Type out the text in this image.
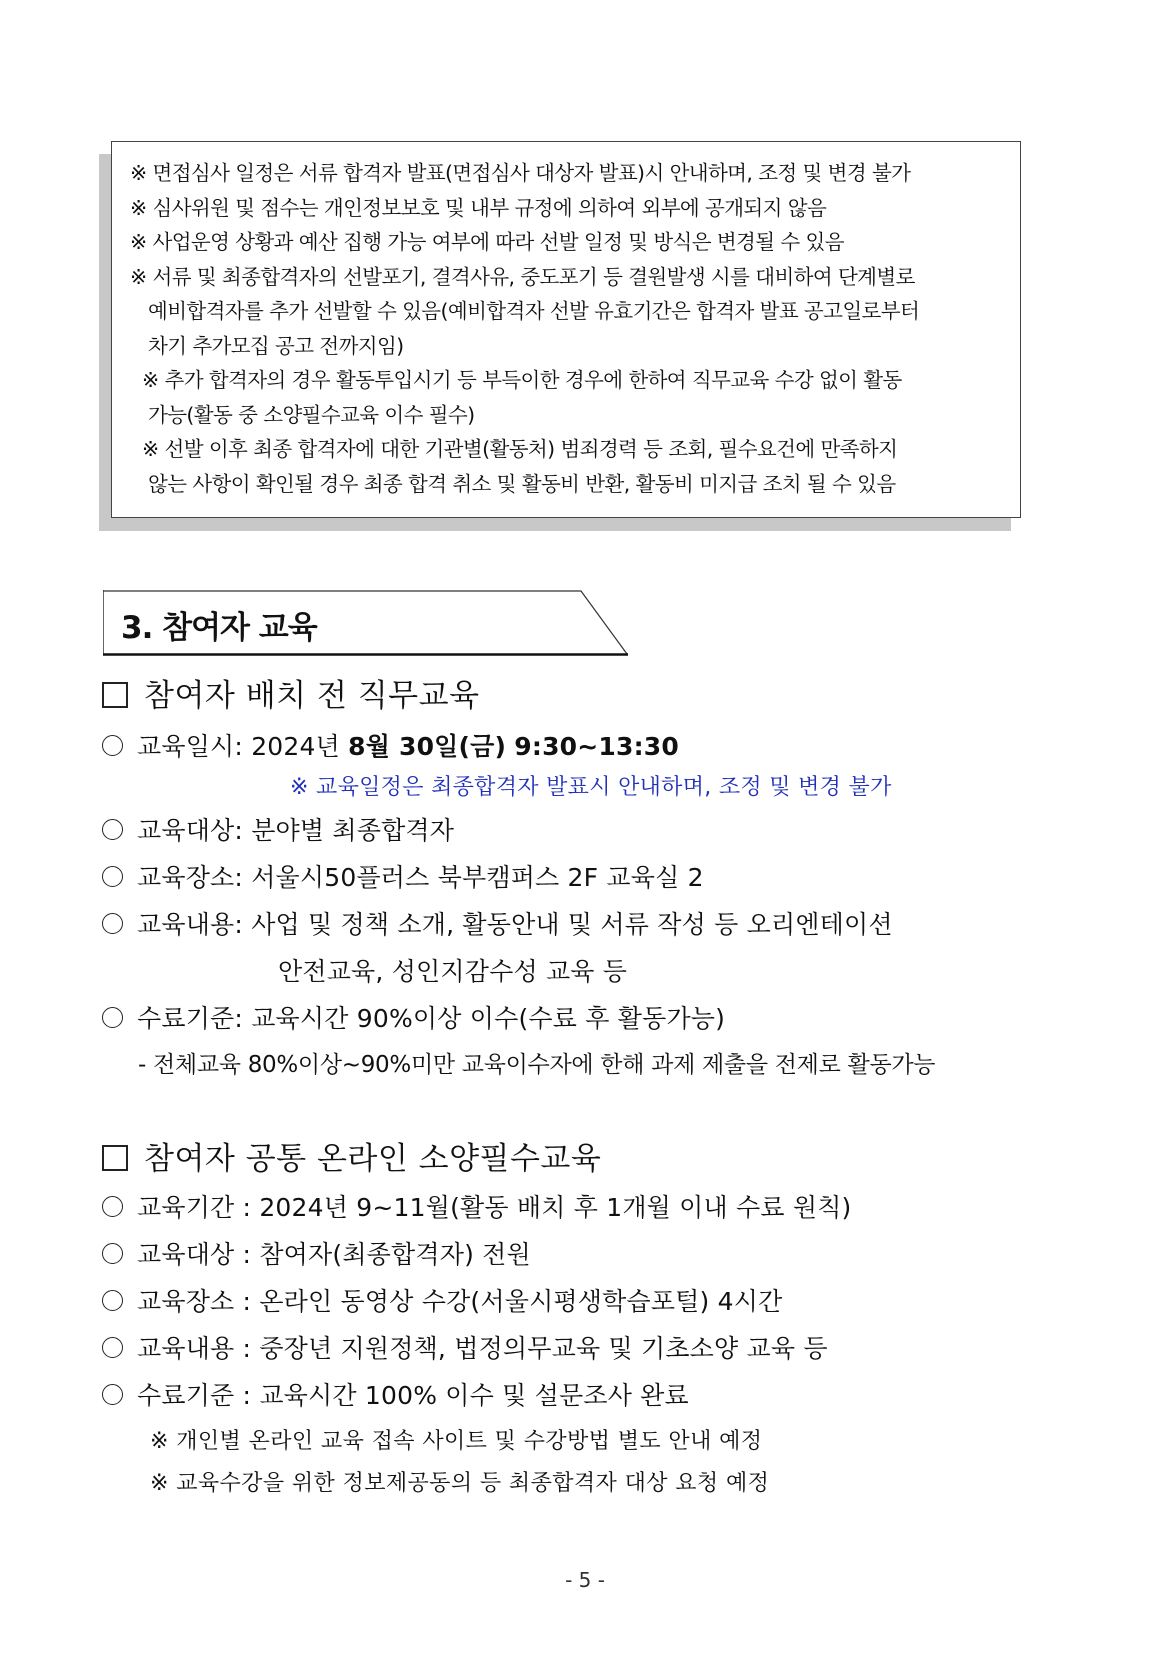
※ 면접심사 일정은 서류 합격자 발표(면접심사 대상자 발표)시 안내하며, 조정 및 변경 불가
※ 심사위원 및 점수는 개인정보보호 및 내부 규정에 의하여 외부에 공개되지 않음
※ 사업운영 상황과 예산 집행 가능 여부에 따라 선발 일정 및 방식은 변경될 수 있음
※ 서류 및 최종합격자의 선발포기, 결격사유, 중도포기 등 결원발생 시를 대비하여 단계별로
예비합격자를 추가 선발할 수 있음(예비합격자 선발 유효기간은 합격자 발표 공고일로부터
차기 추가모집 공고 전까지임)
※ 추가 합격자의 경우 활동투입시기 등 부득이한 경우에 한하여 직무교육 수강 없이 활동
가능(활동 중 소양필수교육 이수 필수)
※ 선발 이후 최종 합격자에 대한 기관별(활동처) 범죄경력 등 조회, 필수요건에 만족하지
않는 사항이 확인될 경우 최종 합격 취소 및 활동비 반환, 활동비 미지급 조치 될 수 있음
3. 참여자 교육
참여자 배치 전 직무교육
교육일시: 2024년 8월 30일(금) 9:30~13:30
※ 교육일정은 최종합격자 발표시 안내하며, 조정 및 변경 불가
교육대상: 분야별 최종합격자
교육장소: 서울시50플러스 북부캠퍼스 2F 교육실 2
교육내용: 사업 및 정책 소개, 활동안내 및 서류 작성 등 오리엔테이션
안전교육, 성인지감수성 교육 등
수료기준: 교육시간 90%이상 이수(수료 후 활동가능)
- 전체교육 80%이상~90%미만 교육이수자에 한해 과제 제출을 전제로 활동가능
참여자 공통 온라인 소양필수교육
교육기간 : 2024년 9~11월(활동 배치 후 1개월 이내 수료 원칙)
교육대상 : 참여자(최종합격자) 전원
교육장소 : 온라인 동영상 수강(서울시평생학습포털) 4시간
교육내용 : 중장년 지원정책, 법정의무교육 및 기초소양 교육 등
수료기준 : 교육시간 100% 이수 및 설문조사 완료
※ 개인별 온라인 교육 접속 사이트 및 수강방법 별도 안내 예정
※ 교육수강을 위한 정보제공동의 등 최종합격자 대상 요청 예정
- 5 -
